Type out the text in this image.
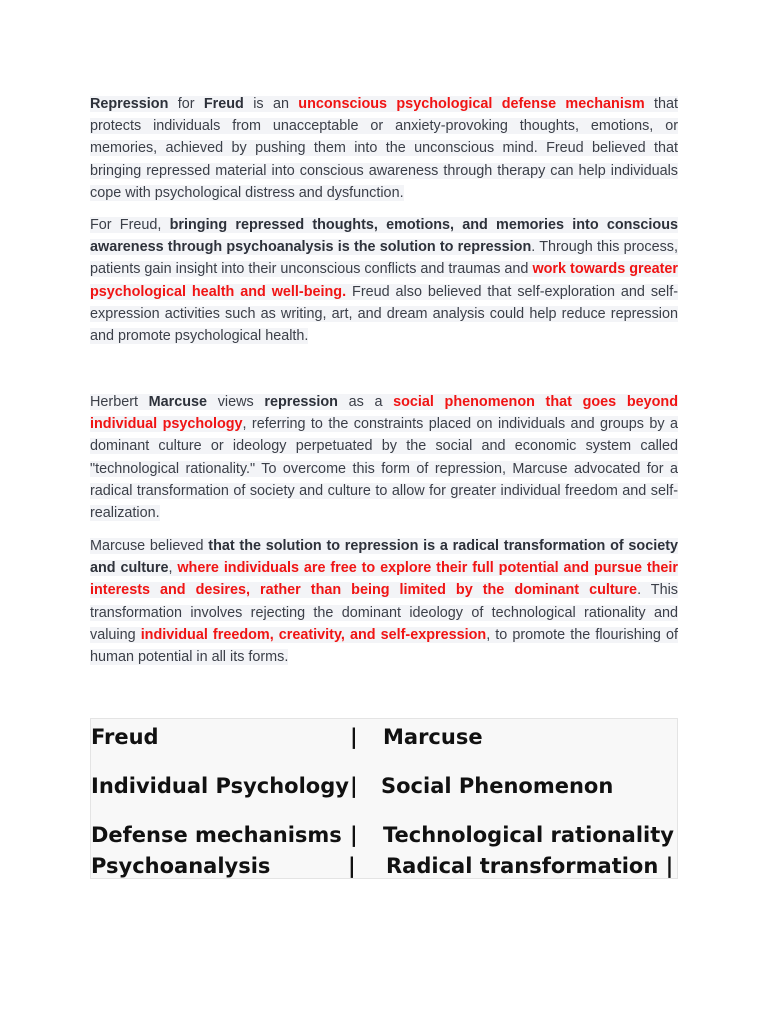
Repression for Freud is an unconscious psychological defense mechanism that protects individuals from unacceptable or anxiety-provoking thoughts, emotions, or memories, achieved by pushing them into the unconscious mind. Freud believed that bringing repressed material into conscious awareness through therapy can help individuals cope with psychological distress and dysfunction.

For Freud, bringing repressed thoughts, emotions, and memories into conscious awareness through psychoanalysis is the solution to repression. Through this process, patients gain insight into their unconscious conflicts and traumas and work towards greater psychological health and well-being. Freud also believed that self-exploration and self-expression activities such as writing, art, and dream analysis could help reduce repression and promote psychological health.

Herbert Marcuse views repression as a social phenomenon that goes beyond individual psychology, referring to the constraints placed on individuals and groups by a dominant culture or ideology perpetuated by the social and economic system called "technological rationality." To overcome this form of repression, Marcuse advocated for a radical transformation of society and culture to allow for greater individual freedom and self-realization.

Marcuse believed that the solution to repression is a radical transformation of society and culture, where individuals are free to explore their full potential and pursue their interests and desires, rather than being limited by the dominant culture. This transformation involves rejecting the dominant ideology of technological rationality and valuing individual freedom, creativity, and self-expression, to promote the flourishing of human potential in all its forms.

Freud	| Marcuse
Individual Psychology | Social Phenomenon
Defense mechanisms | Technological rationality
Psychoanalysis	| Radical transformation |
